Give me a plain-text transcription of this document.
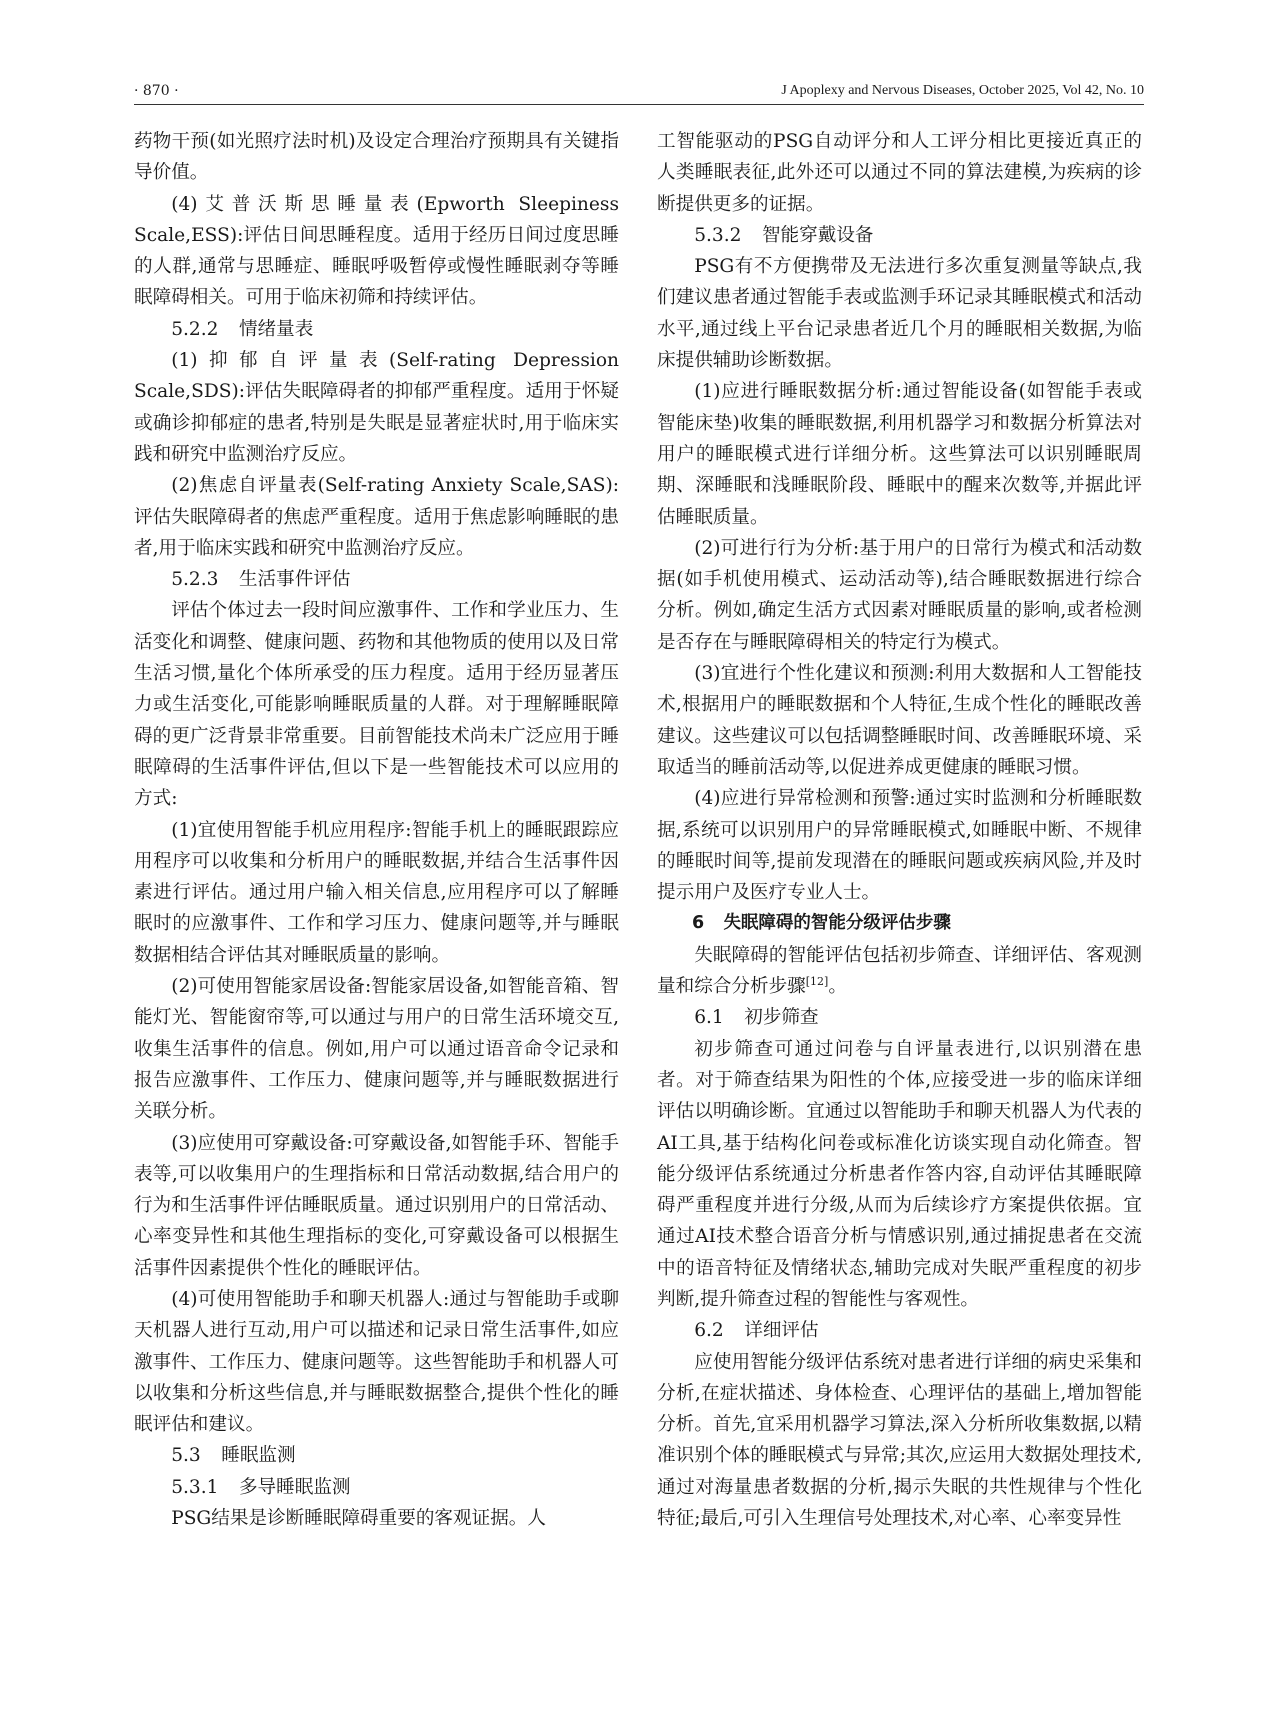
· 870 ·	J Apoplexy and Nervous Diseases, October 2025, Vol 42, No. 10

药物干预(如光照疗法时机)及设定合理治疗预期具有关键指导价值。

(4)艾普沃斯思睡量表(Epworth Sleepiness Scale,ESS):评估日间思睡程度。适用于经历日间过度思睡的人群,通常与思睡症、睡眠呼吸暂停或慢性睡眠剥夺等睡眠障碍相关。可用于临床初筛和持续评估。

5.2.2 情绪量表

(1)抑郁自评量表(Self-rating Depression Scale,SDS):评估失眠障碍者的抑郁严重程度。适用于怀疑或确诊抑郁症的患者,特别是失眠是显著症状时,用于临床实践和研究中监测治疗反应。

(2)焦虑自评量表(Self-rating Anxiety Scale,SAS):评估失眠障碍者的焦虑严重程度。适用于焦虑影响睡眠的患者,用于临床实践和研究中监测治疗反应。

5.2.3 生活事件评估

评估个体过去一段时间应激事件、工作和学业压力、生活变化和调整、健康问题、药物和其他物质的使用以及日常生活习惯,量化个体所承受的压力程度。适用于经历显著压力或生活变化,可能影响睡眠质量的人群。对于理解睡眠障碍的更广泛背景非常重要。目前智能技术尚未广泛应用于睡眠障碍的生活事件评估,但以下是一些智能技术可以应用的方式:

(1)宜使用智能手机应用程序:智能手机上的睡眠跟踪应用程序可以收集和分析用户的睡眠数据,并结合生活事件因素进行评估。通过用户输入相关信息,应用程序可以了解睡眠时的应激事件、工作和学习压力、健康问题等,并与睡眠数据相结合评估其对睡眠质量的影响。

(2)可使用智能家居设备:智能家居设备,如智能音箱、智能灯光、智能窗帘等,可以通过与用户的日常生活环境交互,收集生活事件的信息。例如,用户可以通过语音命令记录和报告应激事件、工作压力、健康问题等,并与睡眠数据进行关联分析。

(3)应使用可穿戴设备:可穿戴设备,如智能手环、智能手表等,可以收集用户的生理指标和日常活动数据,结合用户的行为和生活事件评估睡眠质量。通过识别用户的日常活动、心率变异性和其他生理指标的变化,可穿戴设备可以根据生活事件因素提供个性化的睡眠评估。

(4)可使用智能助手和聊天机器人:通过与智能助手或聊天机器人进行互动,用户可以描述和记录日常生活事件,如应激事件、工作压力、健康问题等。这些智能助手和机器人可以收集和分析这些信息,并与睡眠数据整合,提供个性化的睡眠评估和建议。

5.3 睡眠监测
5.3.1 多导睡眠监测

PSG结果是诊断睡眠障碍重要的客观证据。人

工智能驱动的PSG自动评分和人工评分相比更接近真正的人类睡眠表征,此外还可以通过不同的算法建模,为疾病的诊断提供更多的证据。

5.3.2 智能穿戴设备

PSG有不方便携带及无法进行多次重复测量等缺点,我们建议患者通过智能手表或监测手环记录其睡眠模式和活动水平,通过线上平台记录患者近几个月的睡眠相关数据,为临床提供辅助诊断数据。

(1)应进行睡眠数据分析:通过智能设备(如智能手表或智能床垫)收集的睡眠数据,利用机器学习和数据分析算法对用户的睡眠模式进行详细分析。这些算法可以识别睡眠周期、深睡眠和浅睡眠阶段、睡眠中的醒来次数等,并据此评估睡眠质量。

(2)可进行行为分析:基于用户的日常行为模式和活动数据(如手机使用模式、运动活动等),结合睡眠数据进行综合分析。例如,确定生活方式因素对睡眠质量的影响,或者检测是否存在与睡眠障碍相关的特定行为模式。

(3)宜进行个性化建议和预测:利用大数据和人工智能技术,根据用户的睡眠数据和个人特征,生成个性化的睡眠改善建议。这些建议可以包括调整睡眠时间、改善睡眠环境、采取适当的睡前活动等,以促进养成更健康的睡眠习惯。

(4)应进行异常检测和预警:通过实时监测和分析睡眠数据,系统可以识别用户的异常睡眠模式,如睡眠中断、不规律的睡眠时间等,提前发现潜在的睡眠问题或疾病风险,并及时提示用户及医疗专业人士。

6 失眠障碍的智能分级评估步骤

失眠障碍的智能评估包括初步筛查、详细评估、客观测量和综合分析步骤[12]。

6.1 初步筛查

初步筛查可通过问卷与自评量表进行,以识别潜在患者。对于筛查结果为阳性的个体,应接受进一步的临床详细评估以明确诊断。宜通过以智能助手和聊天机器人为代表的AI工具,基于结构化问卷或标准化访谈实现自动化筛查。智能分级评估系统通过分析患者作答内容,自动评估其睡眠障碍严重程度并进行分级,从而为后续诊疗方案提供依据。宜通过AI技术整合语音分析与情感识别,通过捕捉患者在交流中的语音特征及情绪状态,辅助完成对失眠严重程度的初步判断,提升筛查过程的智能性与客观性。

6.2 详细评估

应使用智能分级评估系统对患者进行详细的病史采集和分析,在症状描述、身体检查、心理评估的基础上,增加智能分析。首先,宜采用机器学习算法,深入分析所收集数据,以精准识别个体的睡眠模式与异常;其次,应运用大数据处理技术,通过对海量患者数据的分析,揭示失眠的共性规律与个性化特征;最后,可引入生理信号处理技术,对心率、心率变异性
